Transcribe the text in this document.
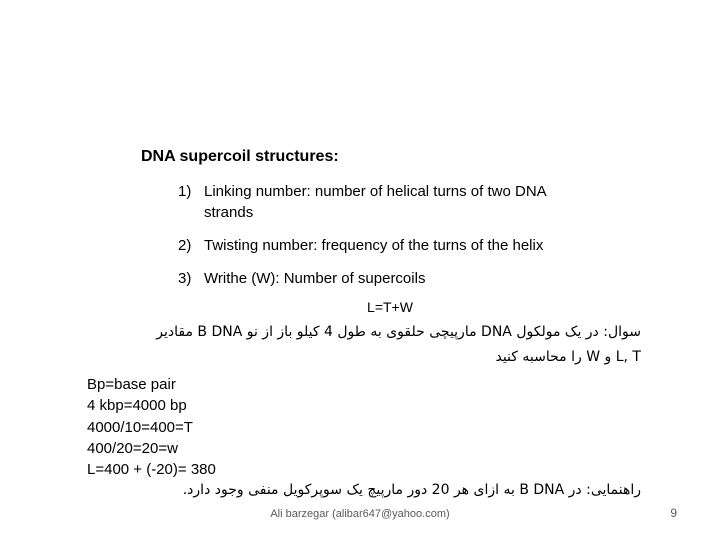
DNA supercoil structures:
1) Linking number: number of helical turns of two DNA strands
2) Twisting number: frequency of the turns of the helix
3) Writhe (W): Number of supercoils
L=T+W
سوال: در یک مولکول DNA مارپیچی حلقوی به طول 4 کیلو باز از نو B DNA مقادیر
L, T و W را محاسبه کنید
Bp=base pair
4 kbp=4000 bp
4000/10=400=T
400/20=20=w
L=400 + (-20)= 380
راهنمایی: در B DNA به ازای هر 20 دور مارپیچ یک سوپرکویل منفی وجود دارد.
Ali barzegar (alibar647@yahoo.com)	9
